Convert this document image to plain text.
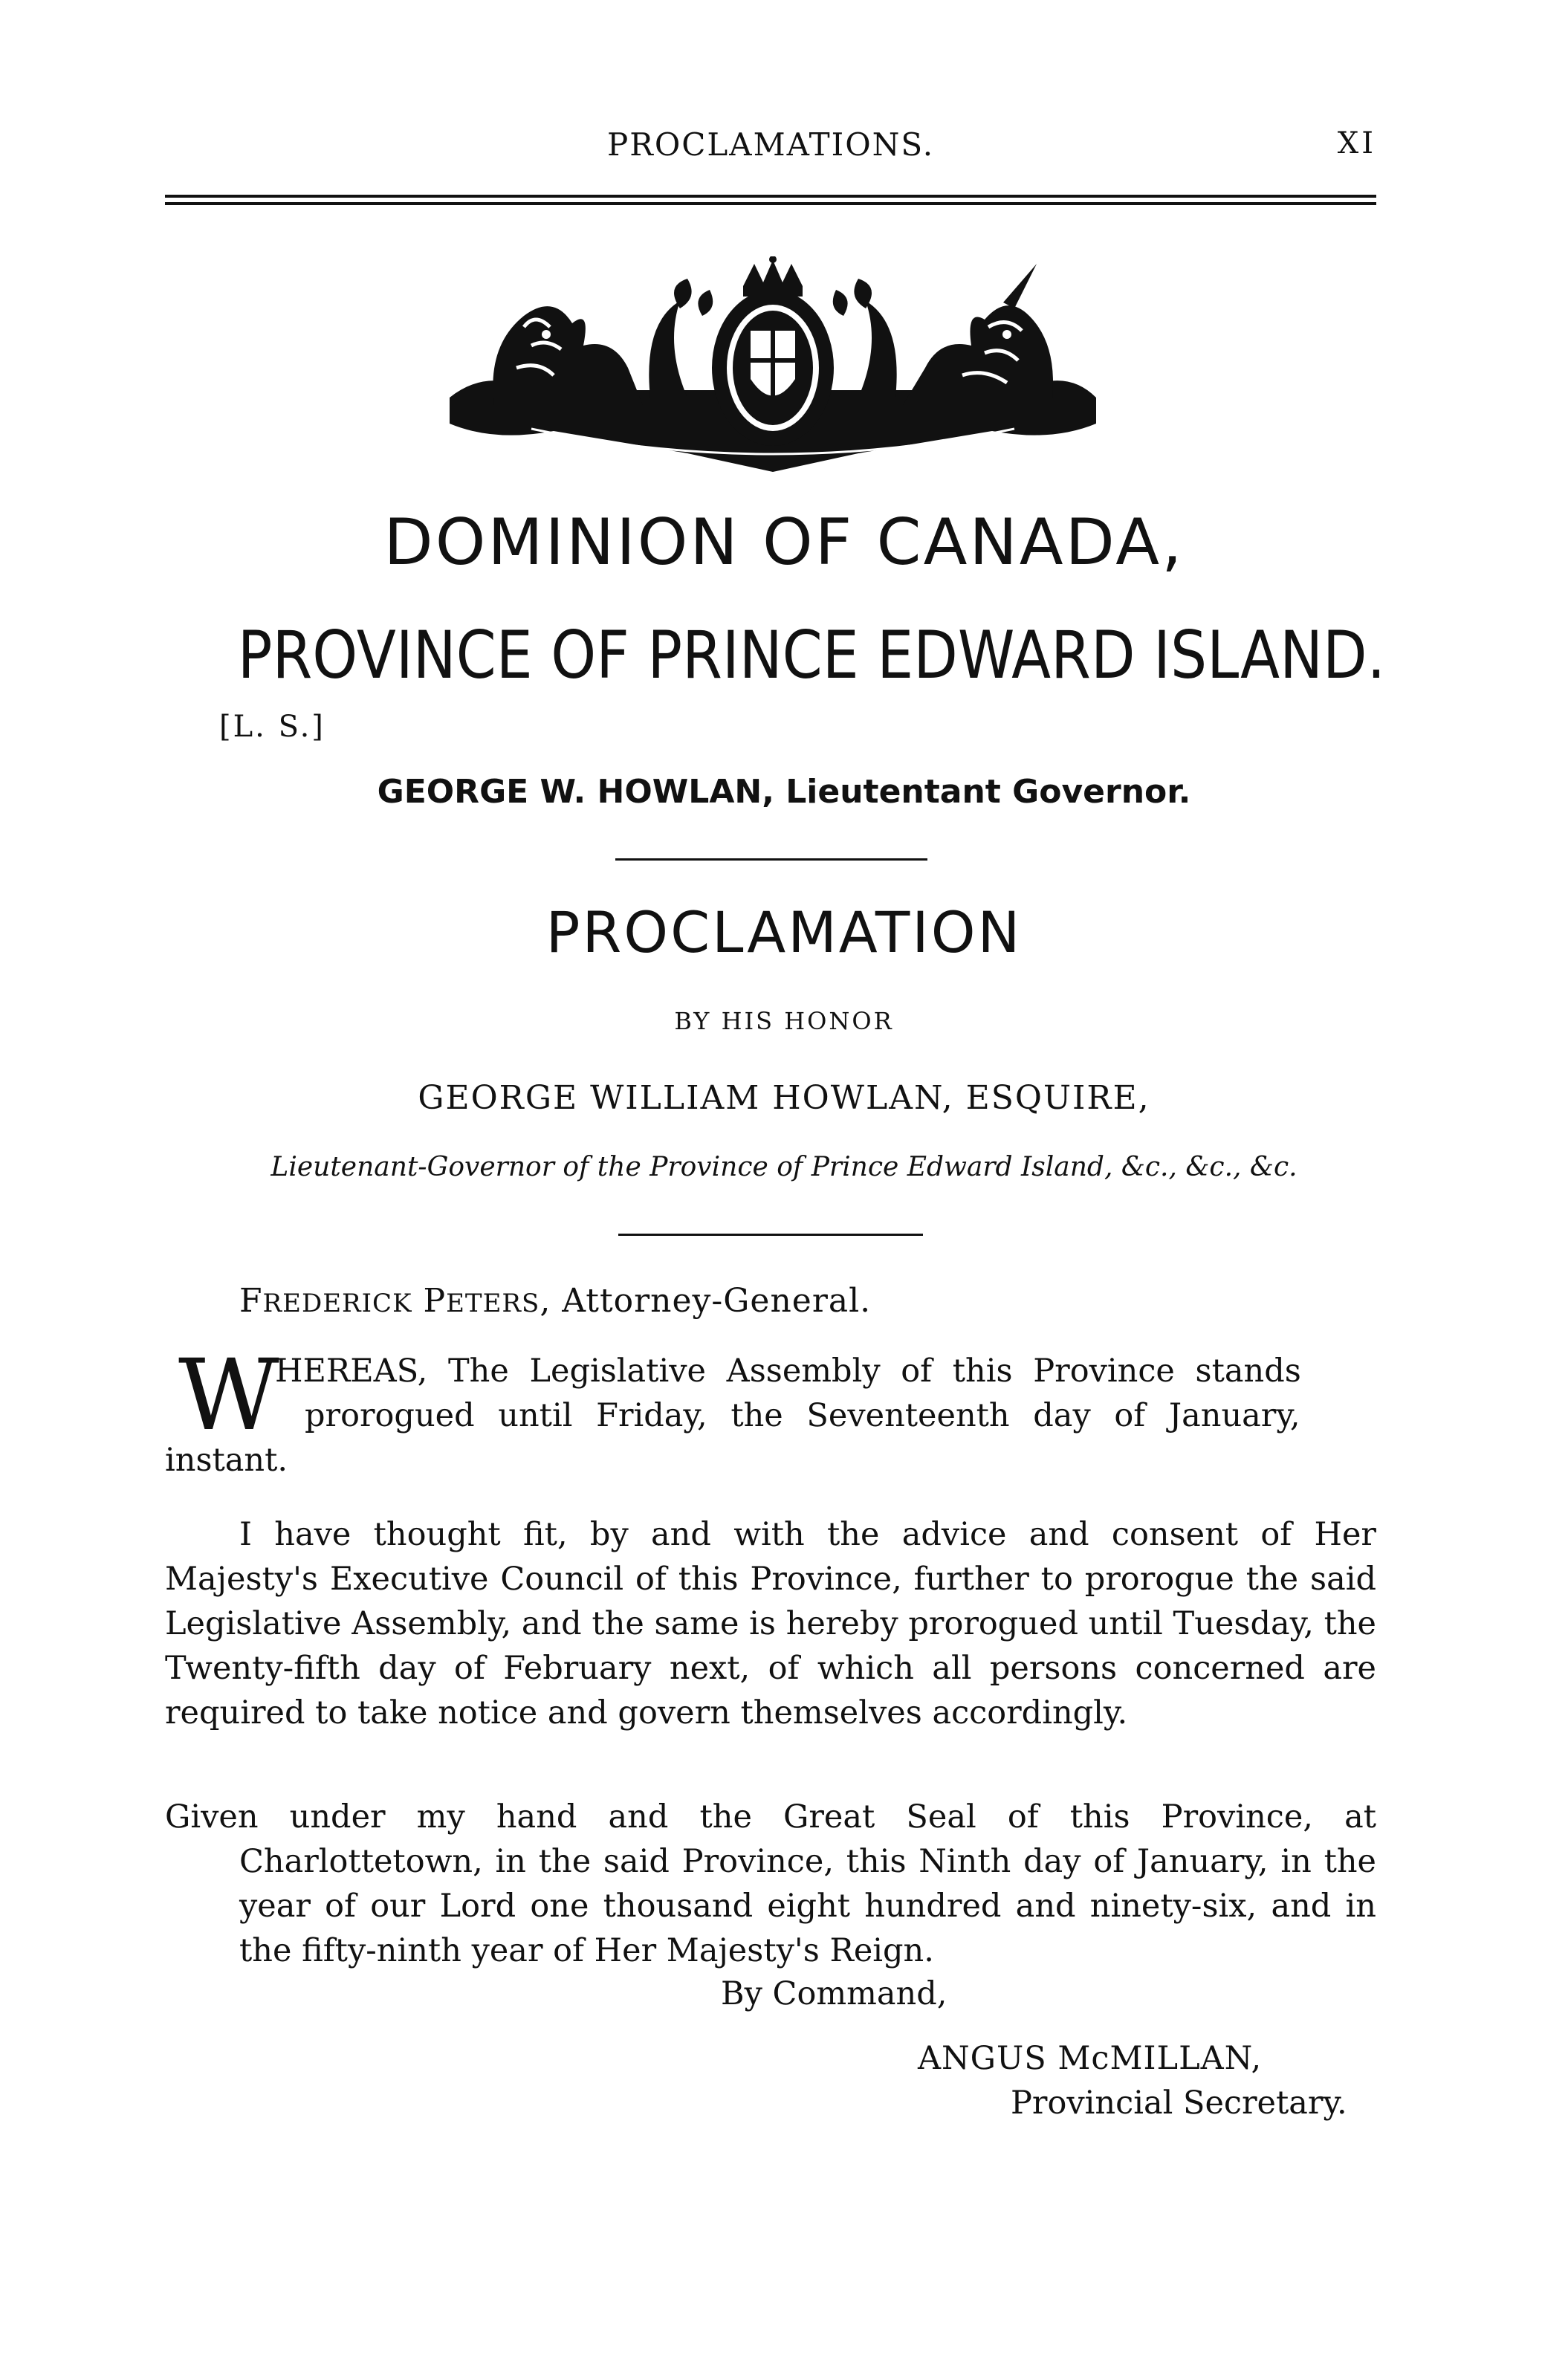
PROCLAMATIONS.	XI
DOMINION OF CANADA,
PROVINCE OF PRINCE EDWARD ISLAND.
[L. S.]
GEORGE W. HOWLAN, Lieutentant Governor.
PROCLAMATION
BY HIS HONOR
GEORGE WILLIAM HOWLAN, ESQUIRE,
Lieutenant-Governor of the Province of Prince Edward Island, &c., &c., &c.
FREDERICK PETERS, Attorney-General.
W
HEREAS, The Legislative Assembly of this Province stands
prorogued until Friday, the Seventeenth day of January,
instant.
I have thought fit, by and with the advice and consent of Her Majesty's Executive Council of this Province, further to prorogue the said Legislative Assembly, and the same is hereby prorogued until Tuesday, the Twenty-fifth day of February next, of which all persons concerned are required to take notice and govern themselves accordingly.
Given under my hand and the Great Seal of this Province, at Charlottetown, in the said Province, this Ninth day of January, in the year of our Lord one thousand eight hundred and ninety-six, and in the fifty-ninth year of Her Majesty's Reign.
By Command,
ANGUS McMILLAN,
Provincial Secretary.
